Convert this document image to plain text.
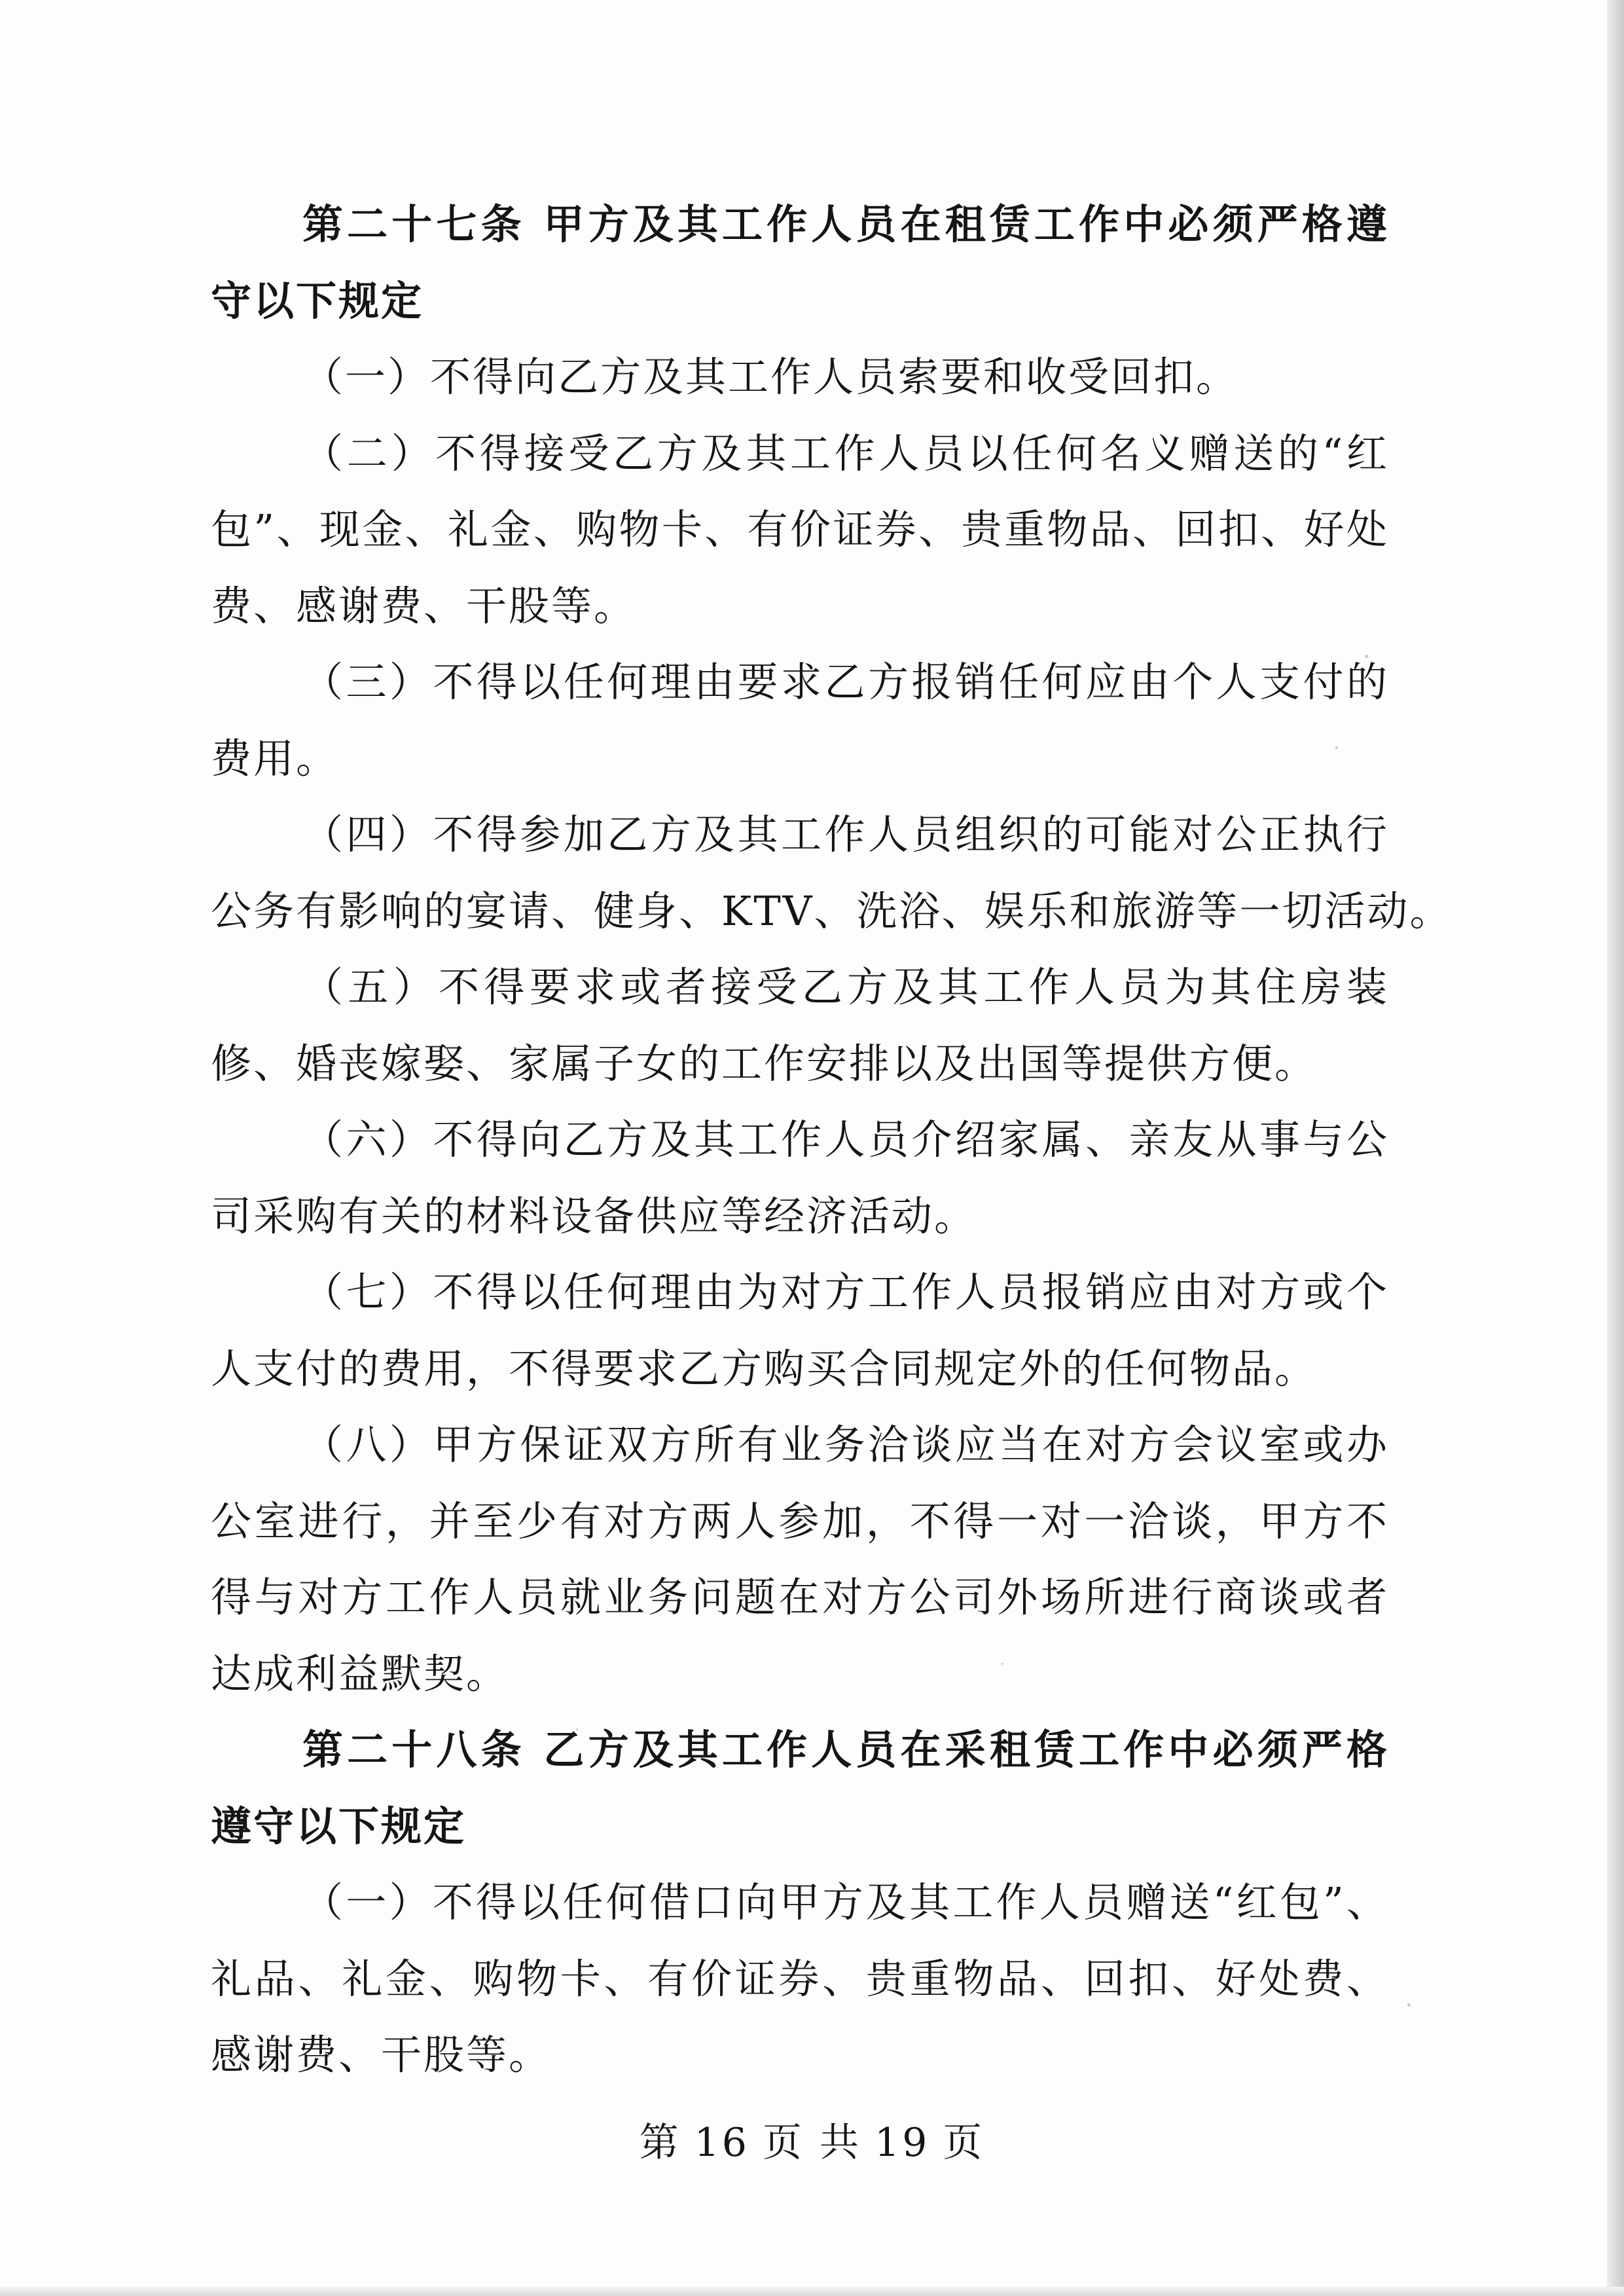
第二十七条 甲方及其工作人员在租赁工作中必须严格遵
守以下规定
（一）不得向乙方及其工作人员索要和收受回扣。
（二）不得接受乙方及其工作人员以任何名义赠送的“红
包”、现金、礼金、购物卡、有价证券、贵重物品、回扣、好处
费、感谢费、干股等。
（三）不得以任何理由要求乙方报销任何应由个人支付的
费用。
（四）不得参加乙方及其工作人员组织的可能对公正执行
公务有影响的宴请、健身、KTV、洗浴、娱乐和旅游等一切活动。
（五）不得要求或者接受乙方及其工作人员为其住房装
修、婚丧嫁娶、家属子女的工作安排以及出国等提供方便。
（六）不得向乙方及其工作人员介绍家属、亲友从事与公
司采购有关的材料设备供应等经济活动。
（七）不得以任何理由为对方工作人员报销应由对方或个
人支付的费用，不得要求乙方购买合同规定外的任何物品。
（八）甲方保证双方所有业务洽谈应当在对方会议室或办
公室进行，并至少有对方两人参加，不得一对一洽谈，甲方不
得与对方工作人员就业务问题在对方公司外场所进行商谈或者
达成利益默契。
第二十八条 乙方及其工作人员在采租赁工作中必须严格
遵守以下规定
（一）不得以任何借口向甲方及其工作人员赠送“红包”、
礼品、礼金、购物卡、有价证券、贵重物品、回扣、好处费、
感谢费、干股等。
第 16 页 共 19 页
